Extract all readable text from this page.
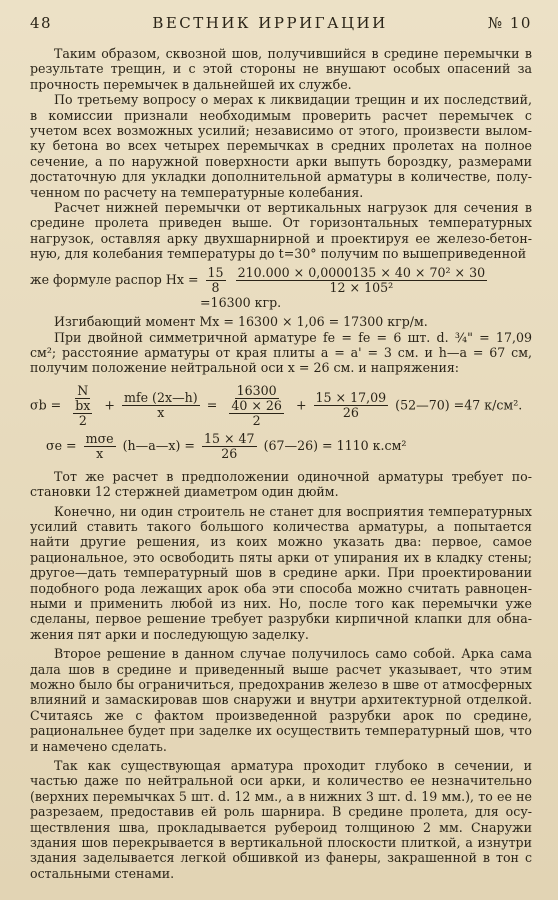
48	ВЕСТНИК ИРРИГАЦИИ	№ 10

Таким образом, сквозной шов, получившийся в средине перемычки в результате трещин, и с этой стороны не внушают особых опасений за прочность перемычек в дальнейшей их службе.

По третьему вопросу о мерах к ликвидации трещин и их последствий, в комиссии признали необходимым проверить расчет перемычек с учетом всех возможных усилий; независимо от этого, произвести выломку бетона во всех четырех перемычках в средних пролетах на полное сечение, а по наружной поверхности арки выпуть бороздку, размерами достаточную для укладки дополнительной арматуры в количестве, полученном по расчету на температурные колебания.

Расчет нижней перемычки от вертикальных нагрузок для сечения в средине пролета приведен выше. От горизонтальных температурных нагрузок, оставляя арку двухшарнирной и проектируя ее железо-бетонную, для колебания температуры до t=30° получим по вышеприведенной

же формуле распор $Hx = \frac{15}{8}$
$\frac{\text{210.000 × 0,0000135 × 40 × 70² × 30}}{\text{12 × 105²}}$
=16300 кгр.

Изгибающий момент Mx = 16300 × 1,06 = 17300 кгр/м.

При двойной симметричной арматуре fe = fe = 6 шт. d. ¾" = 17,09 см²; расстояние арматуры от края плиты a = a' = 3 см. и h—a = 67 см, получим положение нейтральной оси x = 26 см. и напряжения:

$\sigma b = \frac{N}{\frac{bx}{2}} + \frac{\text{mfe (2x—h)}}{x} = \frac{16300}{\frac{40 \times 26}{2}} + \frac{15 \times 17,09}{26}$ (52—70) =47 к/см².
$\sigma e = \frac{\text{mσe}}{x}$ (h—a—x) = $\frac{15 \times 47}{26}$ (67—26) = 1110 к.см²

Тот же расчет в предположении одиночной арматуры требует постановки 12 стержней диаметром один дюйм.

Конечно, ни один строитель не станет для восприятия температурных усилий ставить такого большого количества арматуры, а попытается найти другие решения, из коих можно указать два: первое, самое рациональное, это освободить пяты арки от упирания их в кладку стены; другое—дать температурный шов в средине арки. При проектировании подобного рода лежащих арок оба эти способа можно считать равноценными и применить любой из них. Но, после того как перемычки уже сделаны, первое решение требует разрубки кирпичной клапки для обнажения пят арки и последующую заделку.

Второе решение в данном случае получилось само собой. Арка сама дала шов в средине и приведенный выше расчет указывает, что этим можно было бы ограничиться, предохранив железо в шве от атмосферных влияний и замаскировав шов снаружи и внутри архитектурной отделкой. Считаясь же с фактом произведенной разрубки арок по средине, рациональнее будет при заделке их осуществить температурный шов, что и намечено сделать.

Так как существующая арматура проходит глубоко в сечении, и частью даже по нейтральной оси арки, и количество ее незначительно (верхних перемычках 5 шт. d. 12 мм., а в нижних 3 шт. d. 19 мм.), то ее не разрезаем, предоставив ей роль шарнира. В средине пролета, для осуществления шва, прокладывается рубероид толщиною 2 мм. Снаружи здания шов перекрывается в вертикальной плоскости плиткой, а изнутри здания заделывается легкой обшивкой из фанеры, закрашенной в тон с остальными стенами.
